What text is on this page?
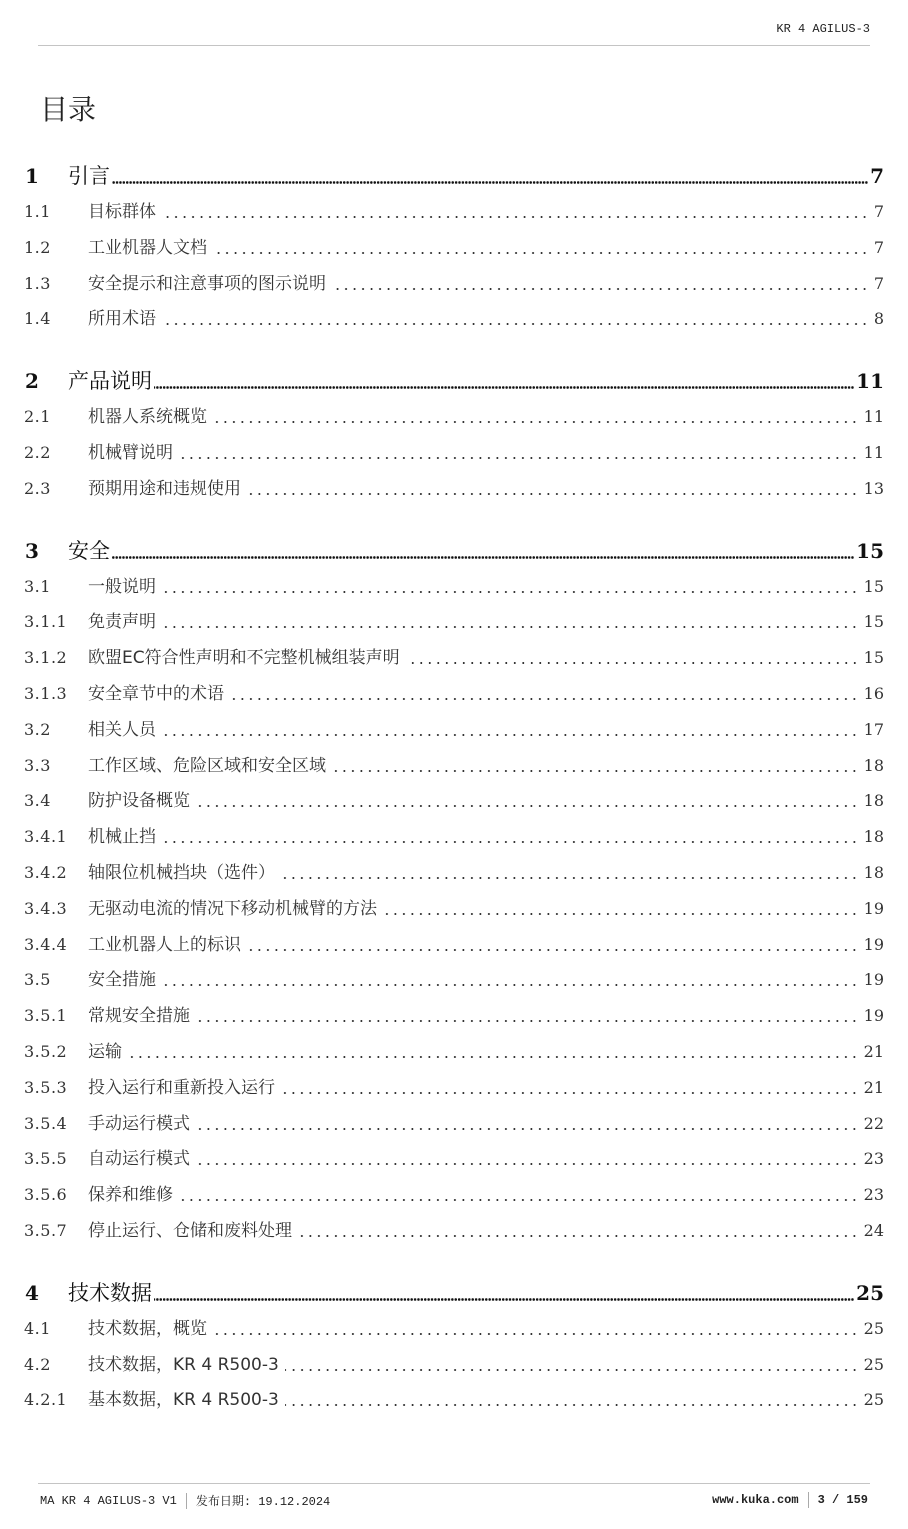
KR 4 AGILUS-3
目录
1	引言	7
1.1	目标群体	7
1.2	工业机器人文档	7
1.3	安全提示和注意事项的图示说明	7
1.4	所用术语	8
2	产品说明	11
2.1	机器人系统概览	11
2.2	机械臂说明	11
2.3	预期用途和违规使用	13
3	安全	15
3.1	一般说明	15
3.1.1	免责声明	15
3.1.2	欧盟EC符合性声明和不完整机械组装声明	15
3.1.3	安全章节中的术语	16
3.2	相关人员	17
3.3	工作区域、危险区域和安全区域	18
3.4	防护设备概览	18
3.4.1	机械止挡	18
3.4.2	轴限位机械挡块（选件）	18
3.4.3	无驱动电流的情况下移动机械臂的方法	19
3.4.4	工业机器人上的标识	19
3.5	安全措施	19
3.5.1	常规安全措施	19
3.5.2	运输	21
3.5.3	投入运行和重新投入运行	21
3.5.4	手动运行模式	22
3.5.5	自动运行模式	23
3.5.6	保养和维修	23
3.5.7	停止运行、仓储和废料处理	24
4	技术数据	25
4.1	技术数据，概览	25
4.2	技术数据，KR 4 R500-3	25
4.2.1	基本数据，KR 4 R500-3	25
MA KR 4 AGILUS-3 V1 发布日期: 19.12.2024	www.kuka.com 3 / 159
